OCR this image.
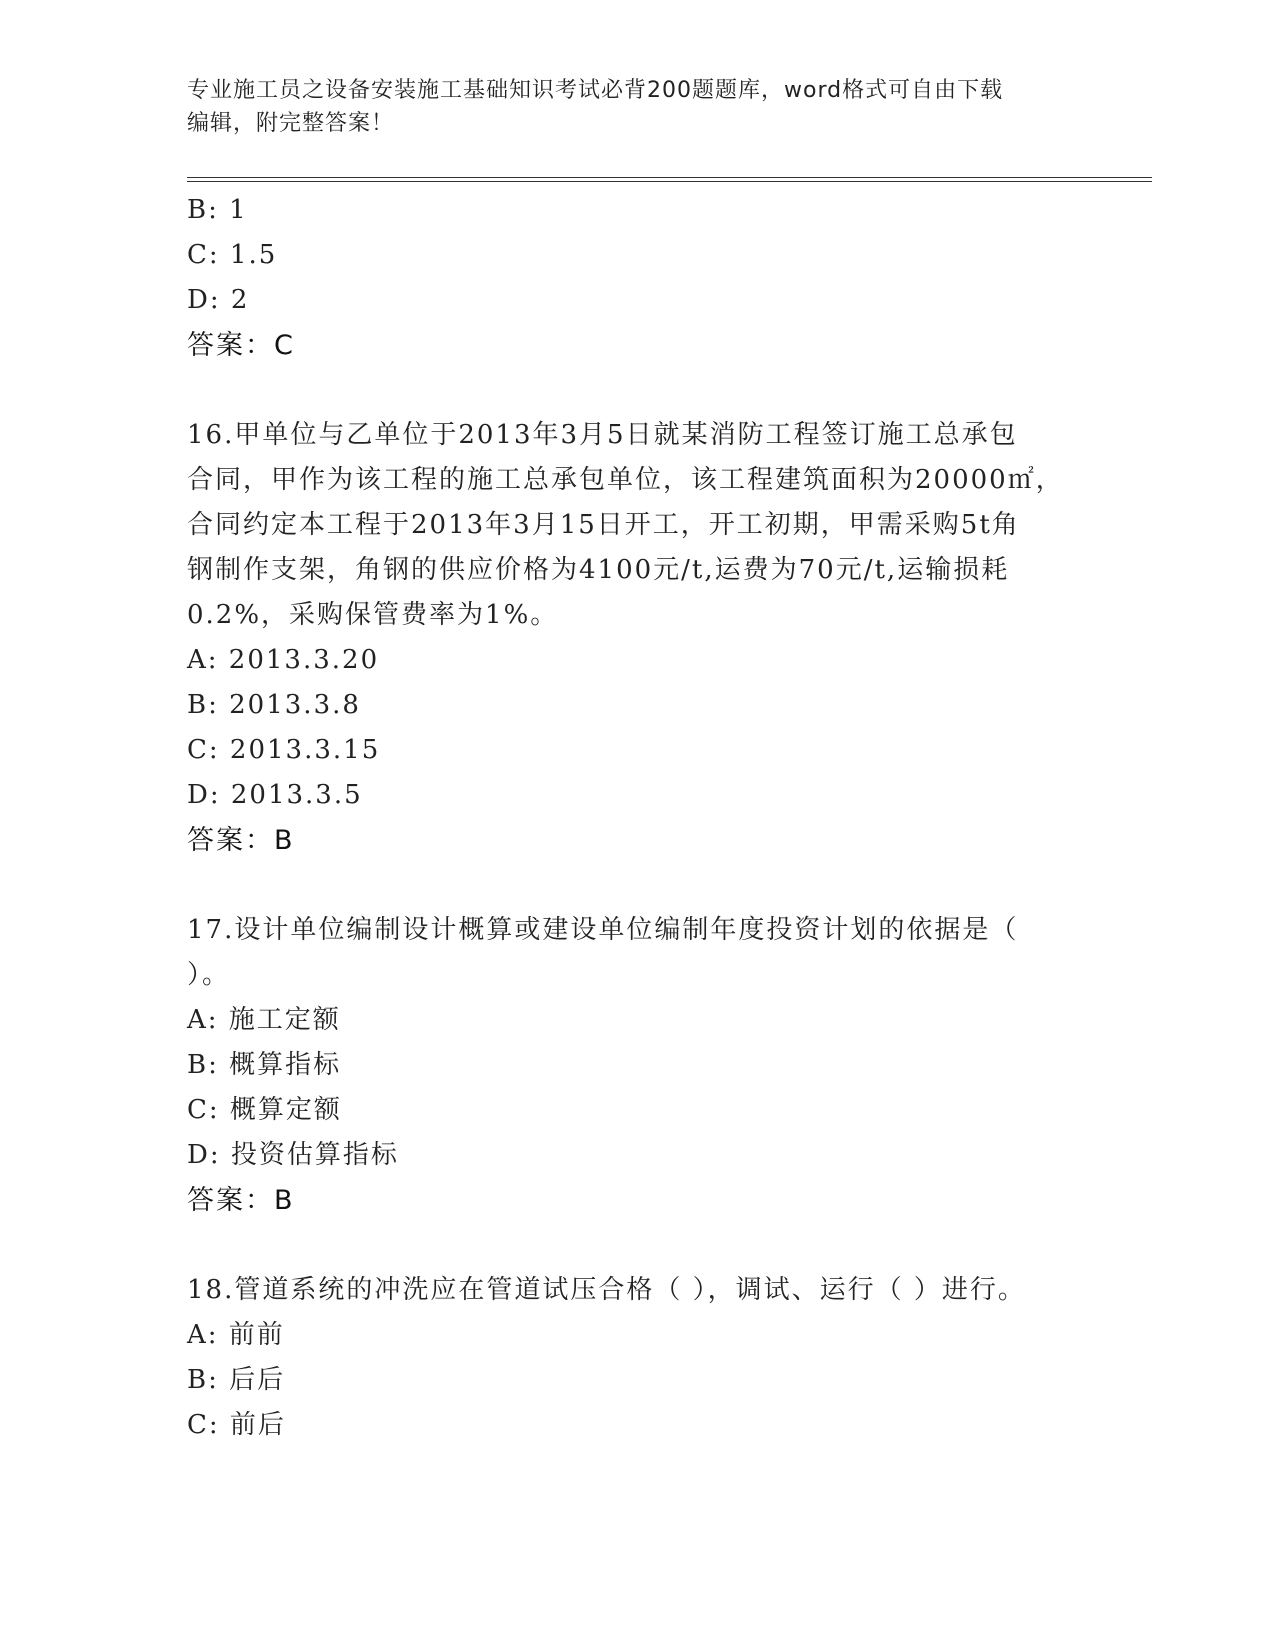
专业施工员之设备安装施工基础知识考试必背200题题库，word格式可自由下载
编辑，附完整答案！
B: 1
C: 1.5
D: 2
答案：C
16.甲单位与乙单位于2013年3月5日就某消防工程签订施工总承包
合同，甲作为该工程的施工总承包单位，该工程建筑面积为20000㎡，
合同约定本工程于2013年3月15日开工，开工初期，甲需采购5t角
钢制作支架，角钢的供应价格为4100元/t,运费为70元/t,运输损耗
0.2%，采购保管费率为1%。
A: 2013.3.20
B: 2013.3.8
C: 2013.3.15
D: 2013.3.5
答案：B
17.设计单位编制设计概算或建设单位编制年度投资计划的依据是（
）。
A: 施工定额
B: 概算指标
C: 概算定额
D: 投资估算指标
答案：B
18.管道系统的冲洗应在管道试压合格（ ），调试、运行（ ）进行。
A: 前前
B: 后后
C: 前后
